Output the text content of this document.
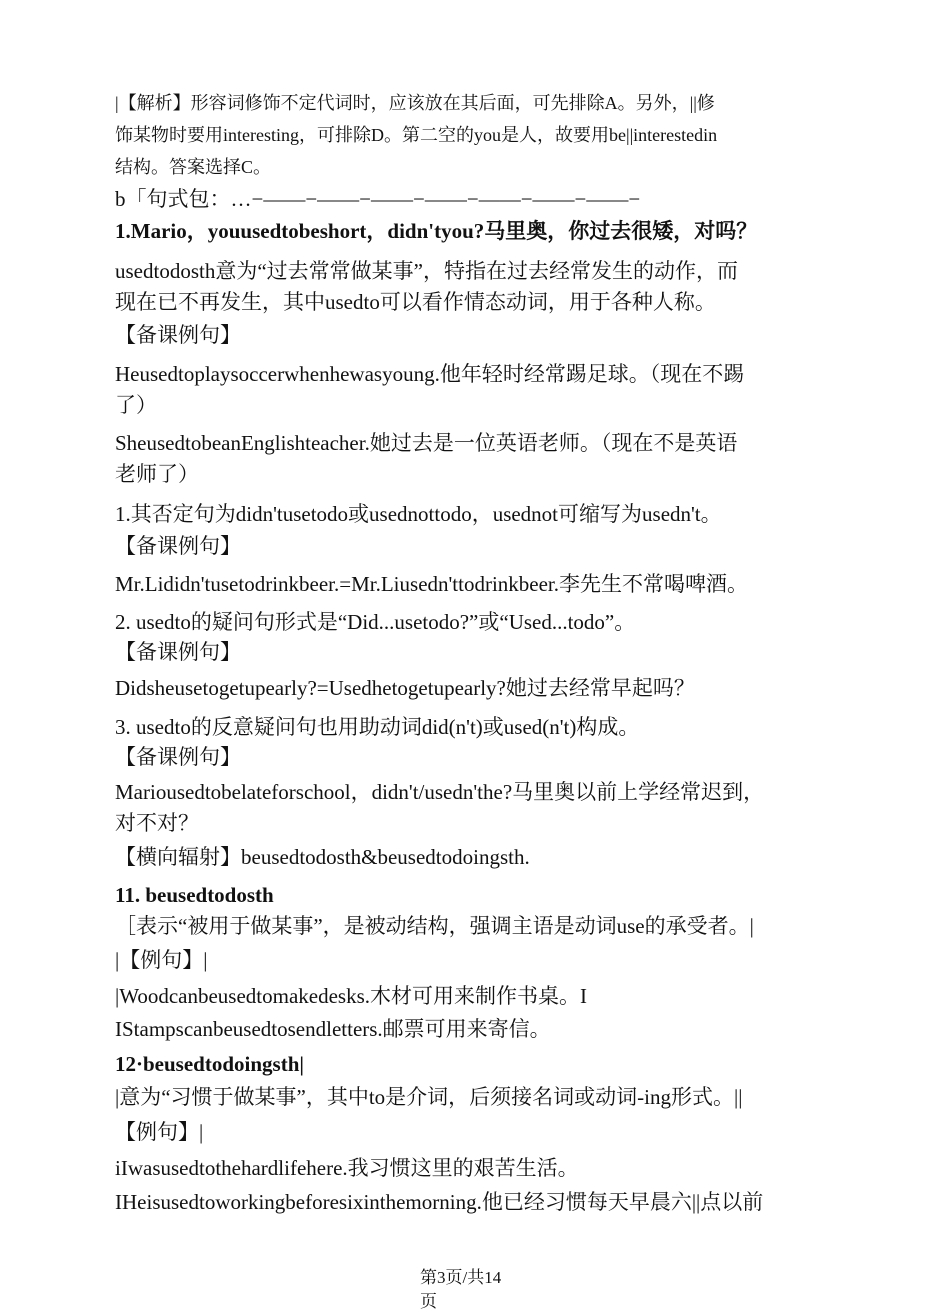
|【解析】形容词修饰不定代词时，应该放在其后面，可先排除A。另外，||修
饰某物时要用interesting，可排除D。第二空的you是人，故要用be||interestedin
结构。答案选择C。
b「句式包：…−——−——−——−——−——−——−——−
1.Mario，youusedtobeshort，didn'tyou?马里奥，你过去很矮，对吗？
usedtodosth意为“过去常常做某事”，特指在过去经常发生的动作，而
现在已不再发生，其中usedto可以看作情态动词，用于各种人称。
【备课例句】
Heusedtoplaysoccerwhenhewasyoung.他年轻时经常踢足球。（现在不踢
了）
SheusedtobeanEnglishteacher.她过去是一位英语老师。（现在不是英语
老师了）
1.其否定句为didn'tusetodo或usednottodo，usednot可缩写为usedn't。
【备课例句】
Mr.Lididn'tusetodrinkbeer.=Mr.Liusedn'ttodrinkbeer.李先生不常喝啤酒。
2. usedto的疑问句形式是“Did...usetodo?”或“Used...todo”。
【备课例句】
Didsheusetogetupearly?=Usedhetogetupearly?她过去经常早起吗？
3. usedto的反意疑问句也用助动词did(n't)或used(n't)构成。
【备课例句】
Mariousedtobelateforschool，didn't/usedn'the?马里奥以前上学经常迟到，
对不对？
【横向辐射】beusedtodosth&beusedtodoingsth.
11. beusedtodosth
［表示“被用于做某事”，是被动结构，强调主语是动词use的承受者。|
|【例句】|
|Woodcanbeusedtomakedesks.木材可用来制作书桌。I
IStampscanbeusedtosendletters.邮票可用来寄信。
12·beusedtodoingsth|
|意为“习惯于做某事”，其中to是介词，后须接名词或动词-ing形式。||
【例句】|
iIwasusedtothehardlifehere.我习惯这里的艰苦生活。
IHeisusedtoworkingbeforesixinthemorning.他已经习惯每天早晨六||点以前
第3页/共14
页
